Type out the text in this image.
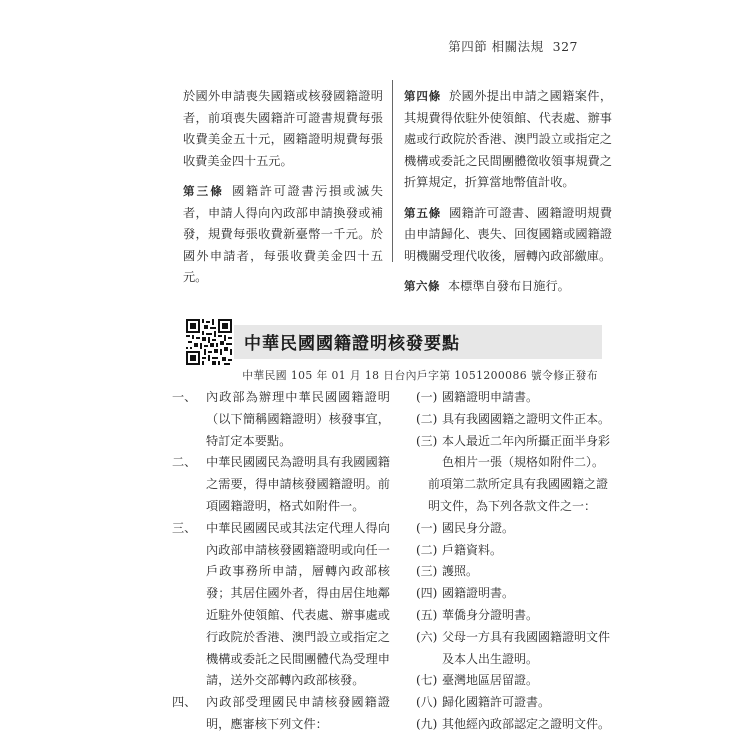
第四節 相關法規 327

於國外申請喪失國籍或核發國籍證明者，前項喪失國籍許可證書規費每張收費美金五十元，國籍證明規費每張收費美金四十五元。

第三條 國籍許可證書污損或滅失者，申請人得向內政部申請換發或補發，規費每張收費新臺幣一千元。於國外申請者，每張收費美金四十五元。

第四條 於國外提出申請之國籍案件，其規費得依駐外使領館、代表處、辦事處或行政院於香港、澳門設立或指定之機構或委託之民間團體徵收領事規費之折算規定，折算當地幣值計收。

第五條 國籍許可證書、國籍證明規費由申請歸化、喪失、回復國籍或國籍證明機關受理代收後，層轉內政部繳庫。

第六條 本標準自發布日施行。

中華民國國籍證明核發要點
中華民國 105 年 01 月 18 日台內戶字第 1051200086 號令修正發布
一、 內政部為辦理中華民國國籍證明（以下簡稱國籍證明）核發事宜，特訂定本要點。
二、 中華民國國民為證明具有我國國籍之需要，得申請核發國籍證明。前項國籍證明，格式如附件一。
三、 中華民國國民或其法定代理人得向內政部申請核發國籍證明或向任一戶政事務所申請，層轉內政部核發；其居住國外者，得由居住地鄰近駐外使領館、代表處、辦事處或行政院於香港、澳門設立或指定之機構或委託之民間團體代為受理申請，送外交部轉內政部核發。
四、 內政部受理國民申請核發國籍證明，應審核下列文件：
(一) 國籍證明申請書。
(二) 具有我國國籍之證明文件正本。
(三) 本人最近二年內所攝正面半身彩色相片一張（規格如附件二）。
前項第二款所定具有我國國籍之證明文件，為下列各款文件之一：
(一) 國民身分證。
(二) 戶籍資料。
(三) 護照。
(四) 國籍證明書。
(五) 華僑身分證明書。
(六) 父母一方具有我國國籍證明文件及本人出生證明。
(七) 臺灣地區居留證。
(八) 歸化國籍許可證書。
(九) 其他經內政部認定之證明文件。
